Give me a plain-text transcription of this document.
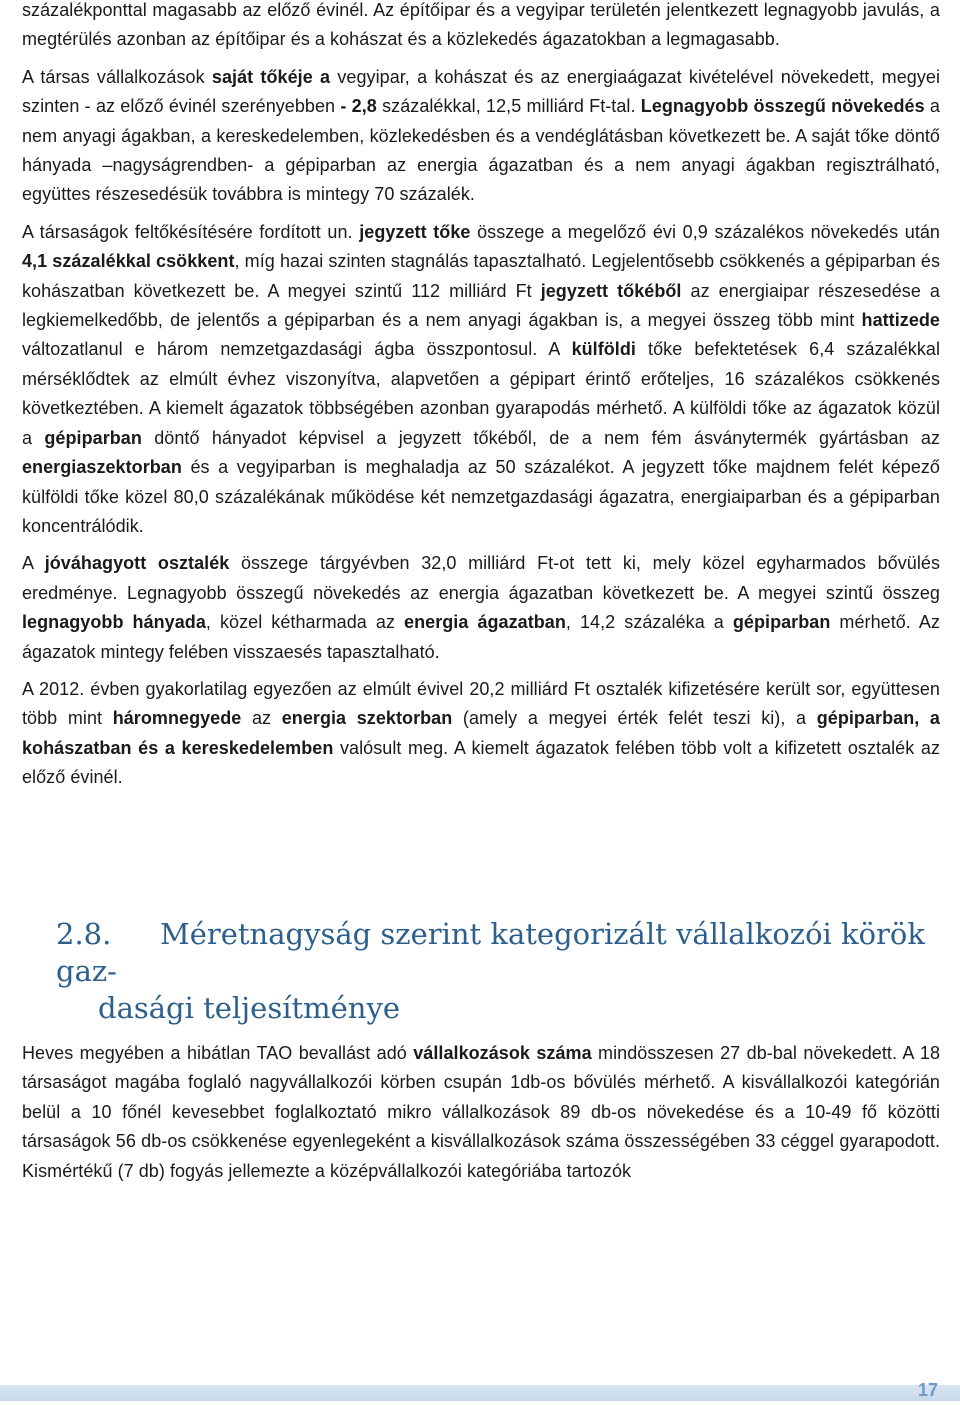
százalékponttal magasabb az előző évinél. Az építőipar és a vegyipar területén jelentkezett legnagyobb javulás, a megtérülés azonban az építőipar és a kohászat és a közlekedés ágazatokban a legmagasabb.

A társas vállalkozások saját tőkéje a vegyipar, a kohászat és az energiaágazat kivételével növekedett, megyei szinten - az előző évinél szerényebben - 2,8 százalékkal, 12,5 milliárd Ft-tal. Legnagyobb összegű növekedés a nem anyagi ágakban, a kereskedelemben, közlekedésben és a vendéglátásban következett be. A saját tőke döntő hányada –nagyságrendben- a gépiparban az energia ágazatban és a nem anyagi ágakban regisztrálható, együttes részesedésük továbbra is mintegy 70 százalék.

A társaságok feltőkésítésére fordított un. jegyzett tőke összege a megelőző évi 0,9 százalékos növekedés után 4,1 százalékkal csökkent, míg hazai szinten stagnálás tapasztalható. Legjelentősebb csökkenés a gépiparban és kohászatban következett be. A megyei szintű 112 milliárd Ft jegyzett tőkéből az energiaipar részesedése a legkiemelkedőbb, de jelentős a gépiparban és a nem anyagi ágakban is, a megyei összeg több mint hattizede változatlanul e három nemzetgazdasági ágba összpontosul. A külföldi tőke befektetések 6,4 százalékkal mérséklődtek az elmúlt évhez viszonyítva, alapvetően a gépipart érintő erőteljes, 16 százalékos csökkenés következtében. A kiemelt ágazatok többségében azonban gyarapodás mérhető. A külföldi tőke az ágazatok közül a gépiparban döntő hányadot képvisel a jegyzett tőkéből, de a nem fém ásványtermék gyártásban az energiaszektorban és a vegyiparban is meghaladja az 50 százalékot. A jegyzett tőke majdnem felét képező külföldi tőke közel 80,0 százalékának működése két nemzetgazdasági ágazatra, energiaiparban és a gépiparban koncentrálódik.

A jóváhagyott osztalék összege tárgyévben 32,0 milliárd Ft-ot tett ki, mely közel egyharmados bővülés eredménye. Legnagyobb összegű növekedés az energia ágazatban következett be. A megyei szintű összeg legnagyobb hányada, közel kétharmada az energia ágazatban, 14,2 százaléka a gépiparban mérhető. Az ágazatok mintegy felében visszaesés tapasztalható.

A 2012. évben gyakorlatilag egyezően az elmúlt évivel 20,2 milliárd Ft osztalék kifizetésére került sor, együttesen több mint háromnegyede az energia szektorban (amely a megyei érték felét teszi ki), a gépiparban, a kohászatban és a kereskedelemben valósult meg. A kiemelt ágazatok felében több volt a kifizetett osztalék az előző évinél.

2.8. Méretnagyság szerint kategorizált vállalkozói körök gaz-
dasági teljesítménye

Heves megyében a hibátlan TAO bevallást adó vállalkozások száma mindösszesen 27 db-bal növekedett. A 18 társaságot magába foglaló nagyvállalkozói körben csupán 1db-os bővülés mérhető. A kisvállalkozói kategórián belül a 10 főnél kevesebbet foglalkoztató mikro vállalkozások 89 db-os növekedése és a 10-49 fő közötti társaságok 56 db-os csökkenése egyenlegeként a kisvállalkozások száma összességében 33 céggel gyarapodott. Kismértékű (7 db) fogyás jellemezte a középvállalkozói kategóriába tartozók

17
